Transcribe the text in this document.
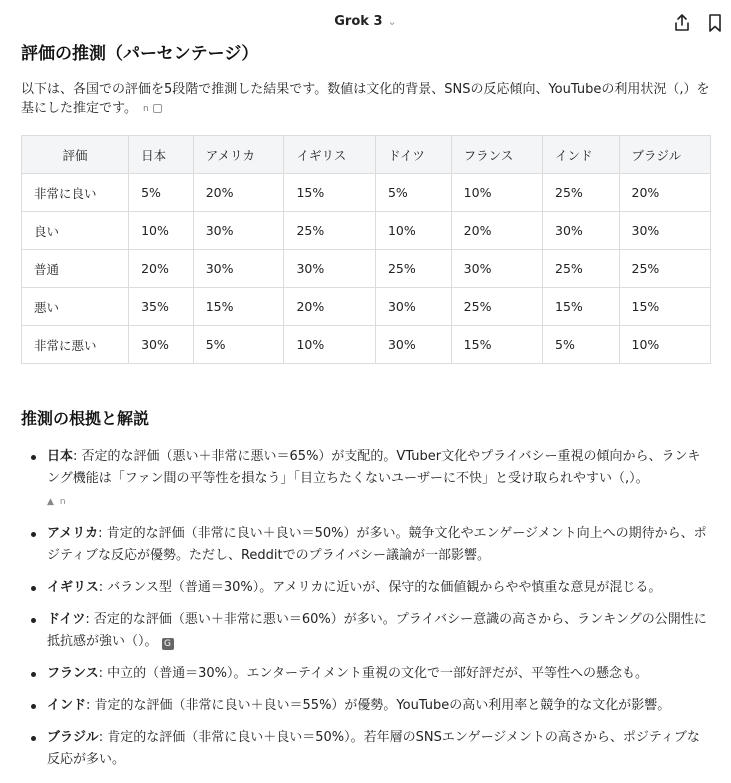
Grok 3 ⌄
評価の推測（パーセンテージ）

以下は、各国での評価を5段階で推測した結果です。数値は文化的背景、SNSの反応傾向、YouTubeの利用状況（,）を基にした推定です。 n

評価	日本	アメリカ	イギリス	ドイツ	フランス	インド	ブラジル
非常に良い	5%	20%	15%	5%	10%	25%	20%
良い	10%	30%	25%	10%	20%	30%	30%
普通	20%	30%	30%	25%	30%	25%	25%
悪い	35%	15%	20%	30%	25%	15%	15%
非常に悪い	30%	5%	10%	30%	15%	5%	10%
推測の根拠と解説
日本: 否定的な評価（悪い＋非常に悪い＝65%）が支配的。VTuber文化やプライバシー重視の傾向から、ランキング機能は「ファン間の平等性を損なう」「目立ちたくないユーザーに不快」と受け取られやすい（,）。
▲ n
アメリカ: 肯定的な評価（非常に良い＋良い＝50%）が多い。競争文化やエンゲージメント向上への期待から、ポジティブな反応が優勢。ただし、Redditでのプライバシー議論が一部影響。
イギリス: バランス型（普通＝30%）。アメリカに近いが、保守的な価値観からやや慎重な意見が混じる。
ドイツ: 否定的な評価（悪い＋非常に悪い＝60%）が多い。プライバシー意識の高さから、ランキングの公開性に抵抗感が強い（）。 G
フランス: 中立的（普通＝30%）。エンターテイメント重視の文化で一部好評だが、平等性への懸念も。
インド: 肯定的な評価（非常に良い＋良い＝55%）が優勢。YouTubeの高い利用率と競争的な文化が影響。
ブラジル: 肯定的な評価（非常に良い＋良い＝50%）。若年層のSNSエンゲージメントの高さから、ポジティブな反応が多い。
